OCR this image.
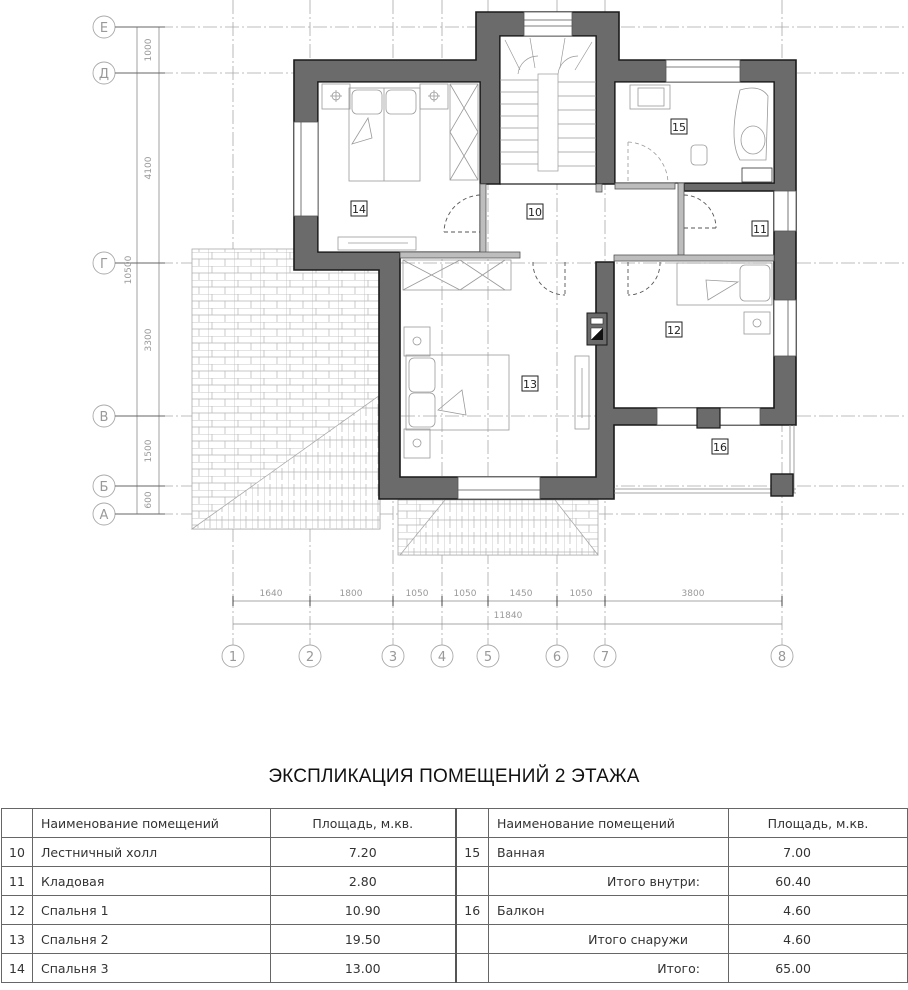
10
11
12
13
14
15
16
Е
Д
Г
В
Б
А
1000
4100
3300
1500
600
10500
1640	1800	1050	1050	1450	1050	3800
11840
1	2	3	4	5	6	7	8
ЭКСПЛИКАЦИЯ ПОМЕЩЕНИЙ 2 ЭТАЖА
	Наименование помещений	Площадь, м.кв.		Наименование помещений	Площадь, м.кв.
10	Лестничный холл	7.20	15	Ванная	7.00
11	Кладовая	2.80		Итого внутри:	60.40
12	Спальня 1	10.90	16	Балкон	4.60
13	Спальня 2	19.50		Итого снаружи	4.60
14	Спальня 3	13.00		Итого:	65.00
